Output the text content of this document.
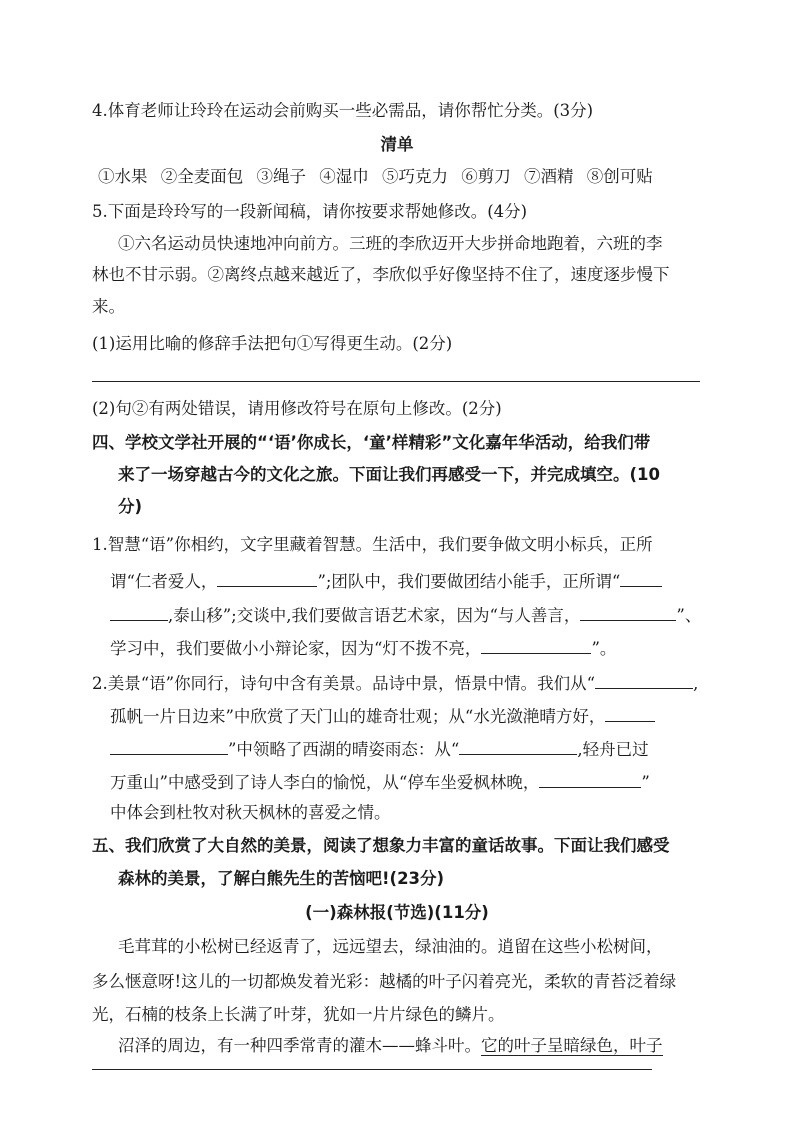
4.体育老师让玲玲在运动会前购买一些必需品，请你帮忙分类。(3分)
清单
①水果 ②全麦面包 ③绳子 ④湿巾 ⑤巧克力 ⑥剪刀 ⑦酒精 ⑧创可贴
5.下面是玲玲写的一段新闻稿，请你按要求帮她修改。(4分)
①六名运动员快速地冲向前方。三班的李欣迈开大步拼命地跑着，六班的李
林也不甘示弱。②离终点越来越近了，李欣似乎好像坚持不住了，速度逐步慢下
来。
(1)运用比喻的修辞手法把句①写得更生动。(2分)
(2)句②有两处错误，请用修改符号在原句上修改。(2分)
四、学校文学社开展的“‘语’你成长，‘童’样精彩”文化嘉年华活动，给我们带
来了一场穿越古今的文化之旅。下面让我们再感受一下，并完成填空。(10
分)
1.智慧“语”你相约，文字里藏着智慧。生活中，我们要争做文明小标兵，正所
谓“仁者爱人，	”;团队中，我们要做团结小能手，正所谓“
,泰山移”;交谈中,我们要做言语艺术家，因为“与人善言，	”、
学习中，我们要做小小辩论家，因为“灯不拨不亮，	”。
2.美景“语”你同行，诗句中含有美景。品诗中景，悟景中情。我们从“	,
孤帆一片日边来”中欣赏了天门山的雄奇壮观；从“水光潋滟晴方好，
”中领略了西湖的晴姿雨态：从“	,轻舟已过
万重山”中感受到了诗人李白的愉悦，从“停车坐爱枫林晚，	”
中体会到杜牧对秋天枫林的喜爱之情。
五、我们欣赏了大自然的美景，阅读了想象力丰富的童话故事。下面让我们感受
森林的美景，了解白熊先生的苦恼吧!(23分)
(一)森林报(节选)(11分)
毛茸茸的小松树已经返青了，远远望去，绿油油的。逍留在这些小松树间，
多么惬意呀!这儿的一切都焕发着光彩：越橘的叶子闪着亮光，柔软的青苔泛着绿
光，石楠的枝条上长满了叶芽，犹如一片片绿色的鳞片。
沼泽的周边，有一种四季常青的灌木——蜂斗叶。它的叶子呈暗绿色，叶子
